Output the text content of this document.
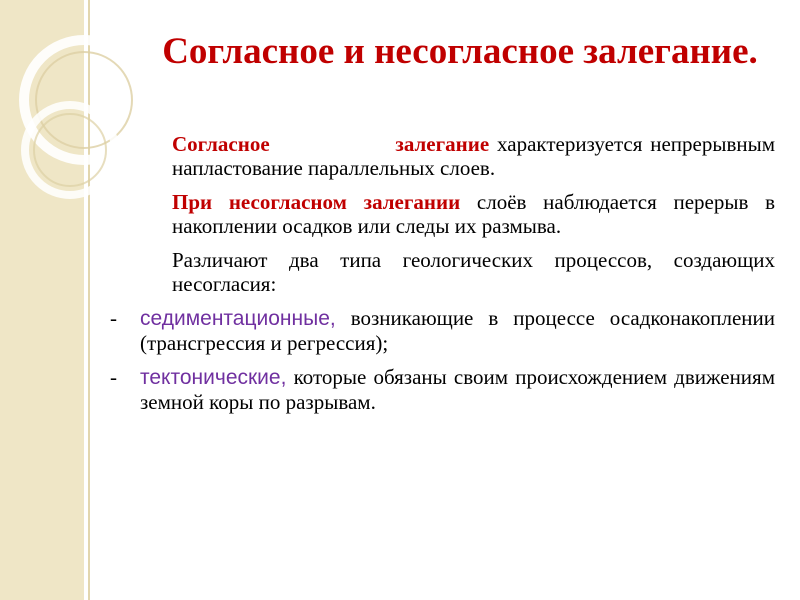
Согласное и несогласное залегание.

Согласное	залегание характеризуется непрерывным напластование параллельных слоев.

При несогласном залегании слоёв наблюдается перерыв в накоплении осадков или следы их размыва.

Различают два типа геологических процессов, создающих несогласия:

- седиментационные, возникающие в процессе осадконакоплении (трансгрессия и регрессия);

- тектонические, которые обязаны своим происхождением движениям земной коры по разрывам.
